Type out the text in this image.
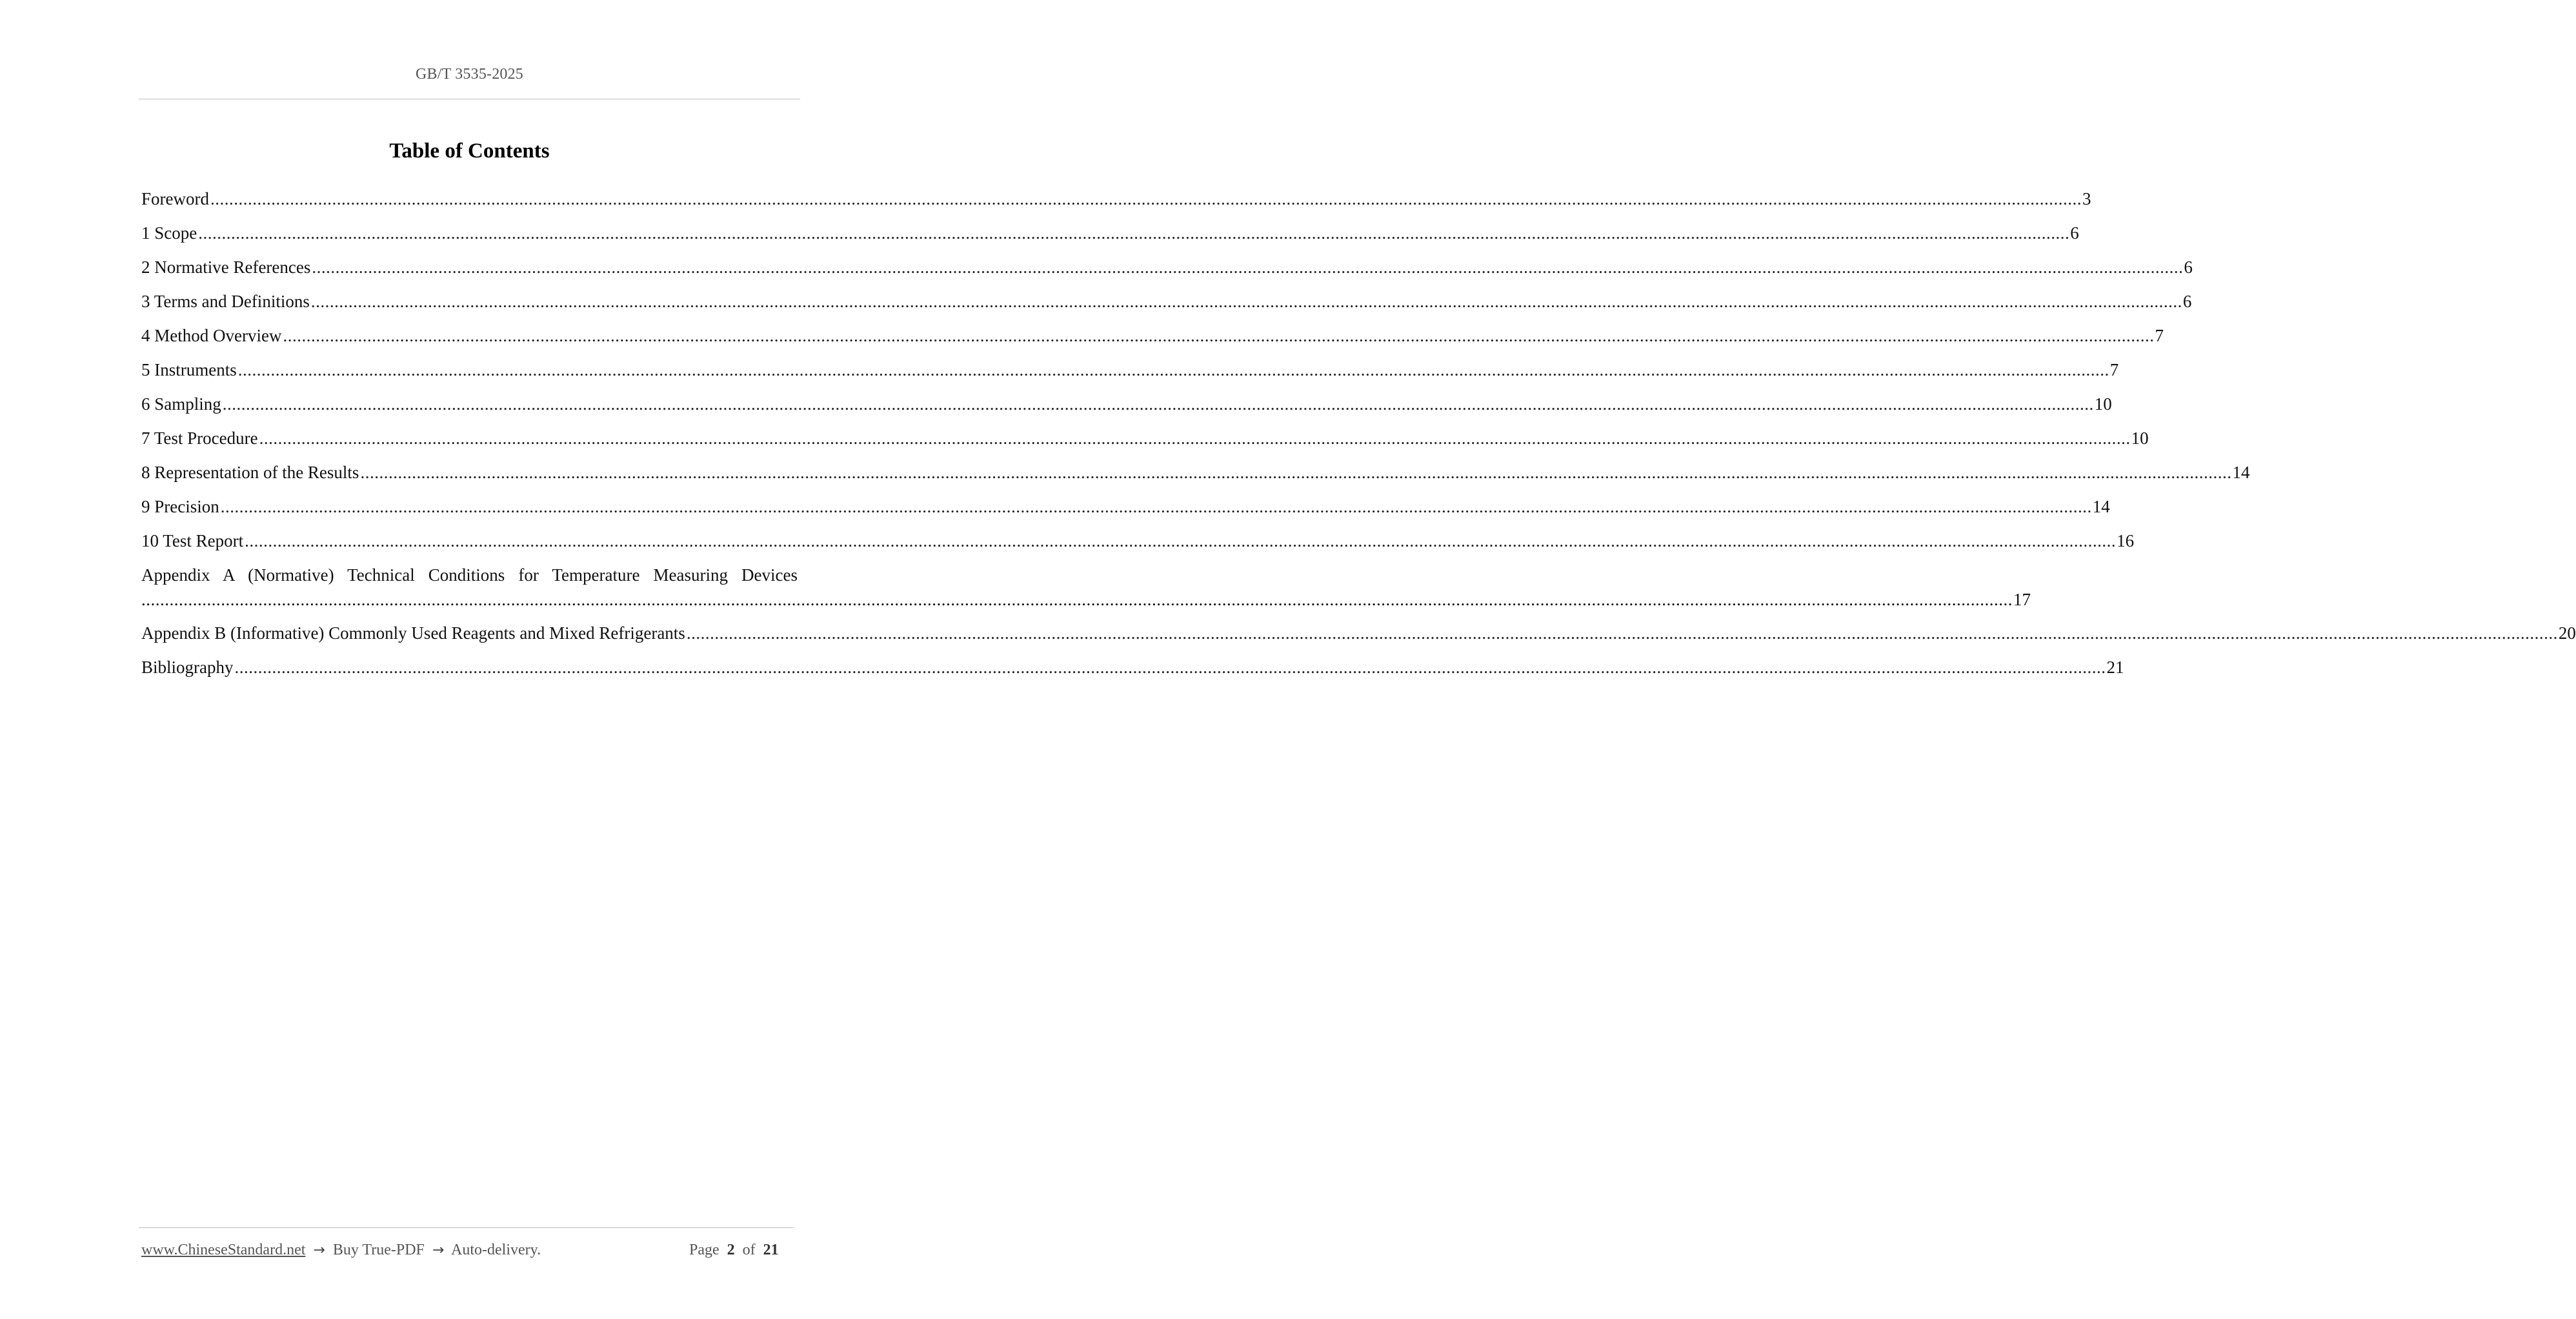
GB/T 3535-2025
Table of Contents
Foreword ................................................................................................................................................................................................................................................................................................................................................................................................................ 3
1 Scope ................................................................................................................................................................................................................................................................................................................................................................................................................ 6
2 Normative References ................................................................................................................................................................................................................................................................................................................................................................................................................ 6
3 Terms and Definitions ................................................................................................................................................................................................................................................................................................................................................................................................................ 6
4 Method Overview ................................................................................................................................................................................................................................................................................................................................................................................................................ 7
5 Instruments ................................................................................................................................................................................................................................................................................................................................................................................................................ 7
6 Sampling ................................................................................................................................................................................................................................................................................................................................................................................................................ 10
7 Test Procedure ................................................................................................................................................................................................................................................................................................................................................................................................................ 10
8 Representation of the Results ................................................................................................................................................................................................................................................................................................................................................................................................................ 14
9 Precision ................................................................................................................................................................................................................................................................................................................................................................................................................ 14
10 Test Report ................................................................................................................................................................................................................................................................................................................................................................................................................ 16
Appendix A (Normative) Technical Conditions for Temperature Measuring Devices
................................................................................................................................................................................................................................................................................................................................................................................................................ 17
Appendix B (Informative) Commonly Used Reagents and Mixed Refrigerants ................................................................................................................................................................................................................................................................................................................................................................................................................ 20
Bibliography ................................................................................................................................................................................................................................................................................................................................................................................................................ 21
www.ChineseStandard.net → Buy True-PDF → Auto-delivery.	Page 2 of 21
